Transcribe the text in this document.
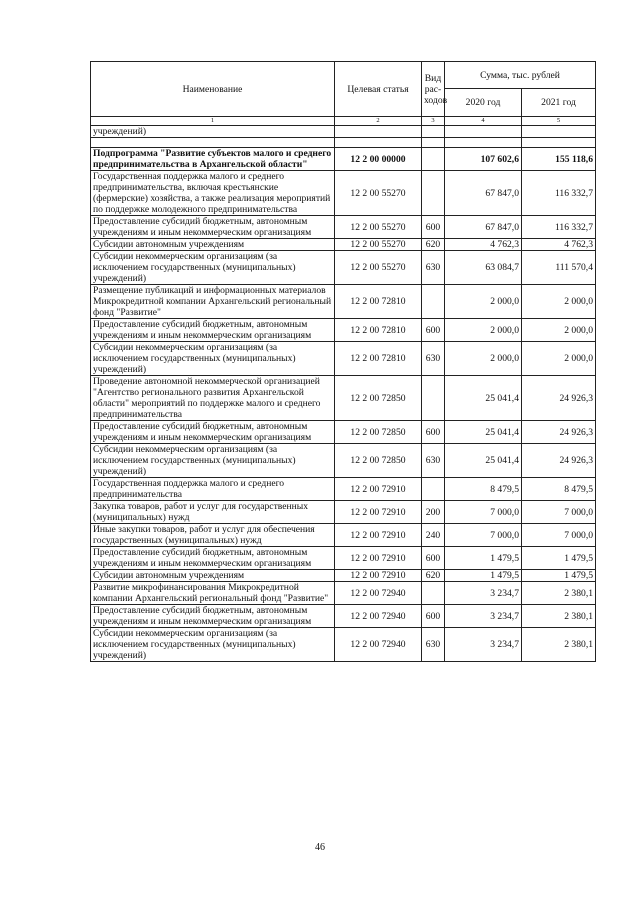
Наименование	Целевая статья	Вид рас-ходов	Сумма, тыс. рублей	
			2020 год	2021 год
1	2	3	4	5
учреждений)				

Подпрограмма "Развитие субъектов малого и среднего предпринимательства в Архангельской области"	12 2 00 00000		107 602,6	155 118,6
Государственная поддержка малого и среднего предпринимательства, включая крестьянские (фермерские) хозяйства, а также реализация мероприятий по поддержке молодежного предпринимательства	12 2 00 55270		67 847,0	116 332,7
Предоставление субсидий бюджетным, автономным учреждениям и иным некоммерческим организациям	12 2 00 55270	600	67 847,0	116 332,7
Субсидии автономным учреждениям	12 2 00 55270	620	4 762,3	4 762,3
Субсидии некоммерческим организациям (за исключением государственных (муниципальных) учреждений)	12 2 00 55270	630	63 084,7	111 570,4
Размещение публикаций и информационных материалов Микрокредитной компании Архангельский региональный фонд "Развитие"	12 2 00 72810		2 000,0	2 000,0
Предоставление субсидий бюджетным, автономным учреждениям и иным некоммерческим организациям	12 2 00 72810	600	2 000,0	2 000,0
Субсидии некоммерческим организациям (за исключением государственных (муниципальных) учреждений)	12 2 00 72810	630	2 000,0	2 000,0
Проведение автономной некоммерческой организацией "Агентство регионального развития Архангельской области" мероприятий по поддержке малого и среднего предпринимательства	12 2 00 72850		25 041,4	24 926,3
Предоставление субсидий бюджетным, автономным учреждениям и иным некоммерческим организациям	12 2 00 72850	600	25 041,4	24 926,3
Субсидии некоммерческим организациям (за исключением государственных (муниципальных) учреждений)	12 2 00 72850	630	25 041,4	24 926,3
Государственная поддержка малого и среднего предпринимательства	12 2 00 72910		8 479,5	8 479,5
Закупка товаров, работ и услуг для государственных (муниципальных) нужд	12 2 00 72910	200	7 000,0	7 000,0
Иные закупки товаров, работ и услуг для обеспечения государственных (муниципальных) нужд	12 2 00 72910	240	7 000,0	7 000,0
Предоставление субсидий бюджетным, автономным учреждениям и иным некоммерческим организациям	12 2 00 72910	600	1 479,5	1 479,5
Субсидии автономным учреждениям	12 2 00 72910	620	1 479,5	1 479,5
Развитие микрофинансирования Микрокредитной компании Архангельский региональный фонд "Развитие"	12 2 00 72940		3 234,7	2 380,1
Предоставление субсидий бюджетным, автономным учреждениям и иным некоммерческим организациям	12 2 00 72940	600	3 234,7	2 380,1
Субсидии некоммерческим организациям (за исключением государственных (муниципальных) учреждений)	12 2 00 72940	630	3 234,7	2 380,1
46
